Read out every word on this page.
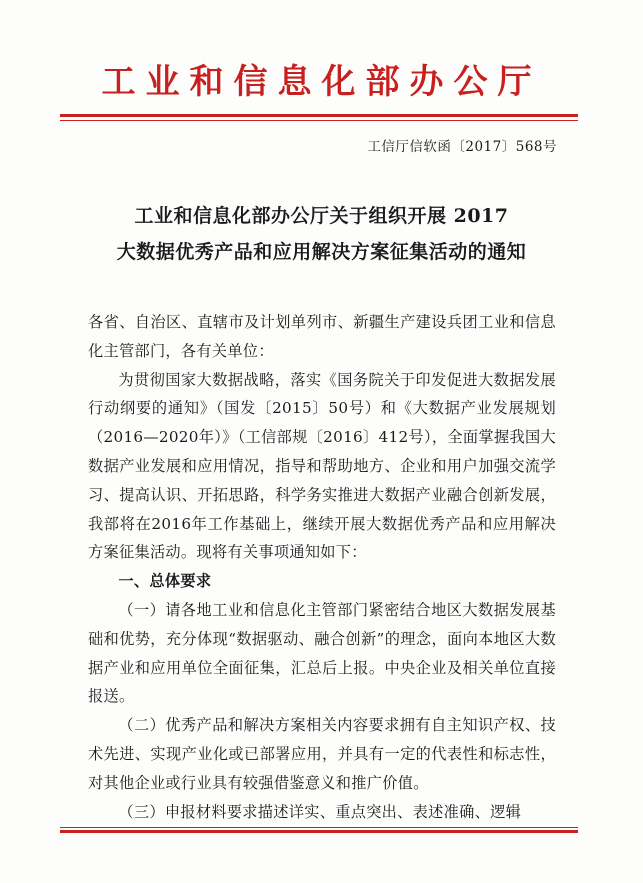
工业和信息化部办公厅
工信厅信软函〔2017〕568号
工业和信息化部办公厅关于组织开展 2017
大数据优秀产品和应用解决方案征集活动的通知

各省、自治区、直辖市及计划单列市、新疆生产建设兵团工业和信息化主管部门，各有关单位：

为贯彻国家大数据战略，落实《国务院关于印发促进大数据发展行动纲要的通知》（国发〔2015〕50号）和《大数据产业发展规划（2016—2020年）》（工信部规〔2016〕412号），全面掌握我国大数据产业发展和应用情况，指导和帮助地方、企业和用户加强交流学习、提高认识、开拓思路，科学务实推进大数据产业融合创新发展，我部将在2016年工作基础上，继续开展大数据优秀产品和应用解决方案征集活动。现将有关事项通知如下：

一、总体要求

（一）请各地工业和信息化主管部门紧密结合地区大数据发展基础和优势，充分体现“数据驱动、融合创新”的理念，面向本地区大数据产业和应用单位全面征集，汇总后上报。中央企业及相关单位直接报送。

（二）优秀产品和解决方案相关内容要求拥有自主知识产权、技术先进、实现产业化或已部署应用，并具有一定的代表性和标志性，对其他企业或行业具有较强借鉴意义和推广价值。

（三）申报材料要求描述详实、重点突出、表述准确、逻辑
